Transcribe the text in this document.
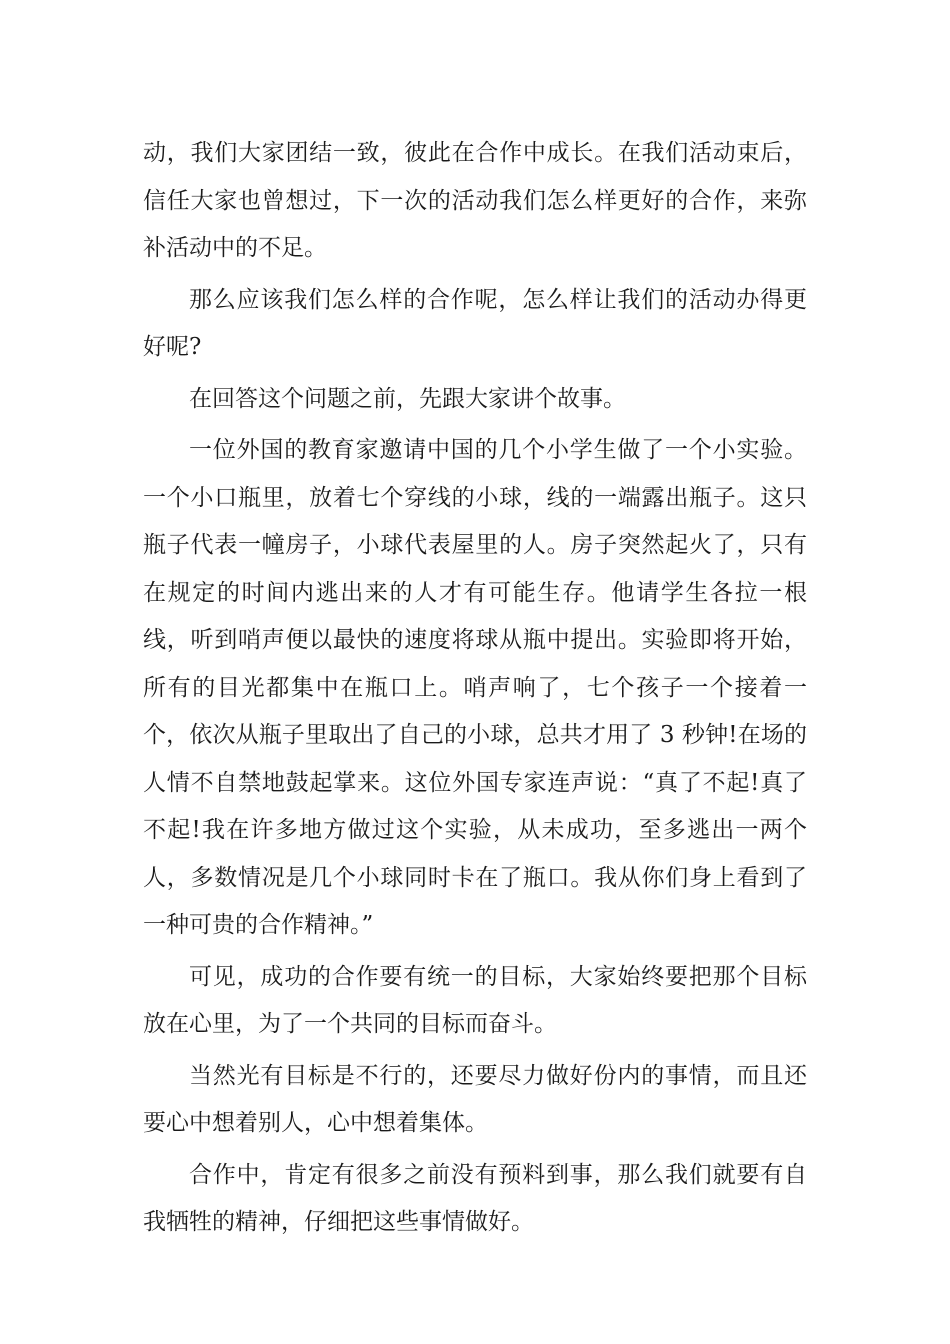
动，我们大家团结一致，彼此在合作中成长。在我们活动束后，信任大家也曾想过，下一次的活动我们怎么样更好的合作，来弥补活动中的不足。

那么应该我们怎么样的合作呢，怎么样让我们的活动办得更好呢?

在回答这个问题之前，先跟大家讲个故事。

一位外国的教育家邀请中国的几个小学生做了一个小实验。一个小口瓶里，放着七个穿线的小球，线的一端露出瓶子。这只瓶子代表一幢房子，小球代表屋里的人。房子突然起火了，只有在规定的时间内逃出来的人才有可能生存。他请学生各拉一根线，听到哨声便以最快的速度将球从瓶中提出。实验即将开始，所有的目光都集中在瓶口上。哨声响了，七个孩子一个接着一个，依次从瓶子里取出了自己的小球，总共才用了 3 秒钟!在场的人情不自禁地鼓起掌来。这位外国专家连声说：“真了不起!真了不起!我在许多地方做过这个实验，从未成功，至多逃出一两个人，多数情况是几个小球同时卡在了瓶口。我从你们身上看到了一种可贵的合作精神。”

可见，成功的合作要有统一的目标，大家始终要把那个目标放在心里，为了一个共同的目标而奋斗。

当然光有目标是不行的，还要尽力做好份内的事情，而且还要心中想着别人，心中想着集体。

合作中，肯定有很多之前没有预料到事，那么我们就要有自我牺牲的精神，仔细把这些事情做好。
